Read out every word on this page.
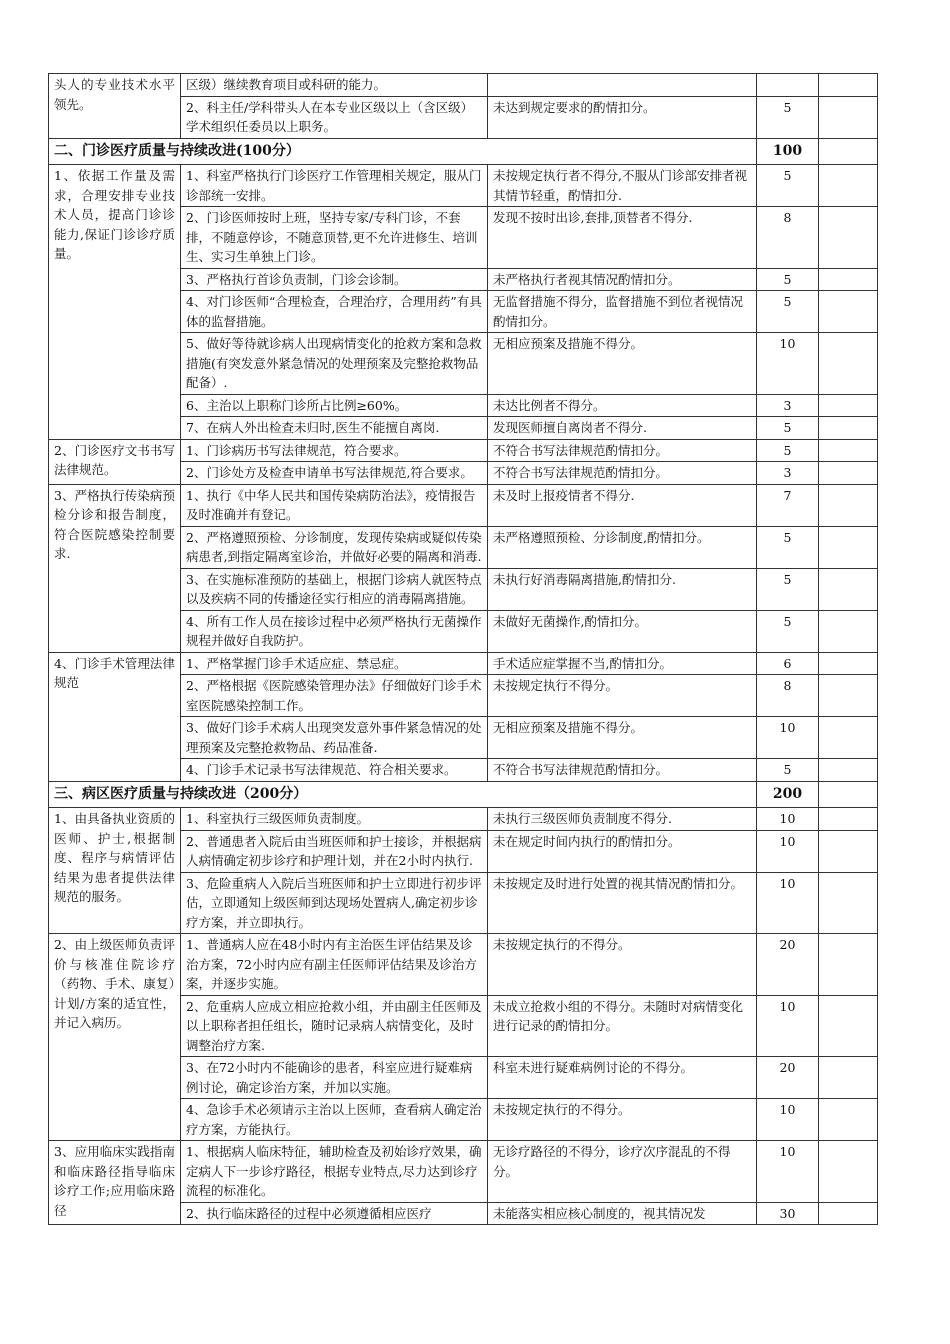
头人的专业技术水平领先。	区级）继续教育项目或科研的能力。			
	2、科主任/学科带头人在本专业区级以上（含区级）学术组织任委员以上职务。	未达到规定要求的酌情扣分。	5	
二、门诊医疗质量与持续改进(100分）			100	
1、依据工作量及需求，合理安排专业技术人员，提高门诊诊能力,保证门诊诊疗质量。	1、科室严格执行门诊医疗工作管理相关规定，服从门诊部统一安排。	未按规定执行者不得分,不服从门诊部安排者视其情节轻重，酌情扣分.	5	
	2、门诊医师按时上班，坚持专家/专科门诊，不套排，不随意停诊，不随意顶替,更不允许进修生、培训生、实习生单独上门诊。	发现不按时出诊,套排,顶替者不得分.	8	
	3、严格执行首诊负责制，门诊会诊制。	未严格执行者视其情况酌情扣分。	5	
	4、对门诊医师“合理检查，合理治疗，合理用药”有具体的监督措施。	无监督措施不得分，监督措施不到位者视情况酌情扣分。	5	
	5、做好等待就诊病人出现病情变化的抢救方案和急救措施(有突发意外紧急情况的处理预案及完整抢救物品配备）.	无相应预案及措施不得分。	10	
	6、主治以上职称门诊所占比例≥60%。	未达比例者不得分。	3	
	7、在病人外出检查未归时,医生不能擅自离岗.	发现医师擅自离岗者不得分.	5	
2、门诊医疗文书书写法律规范。	1、门诊病历书写法律规范，符合要求。	不符合书写法律规范酌情扣分。	5	
	2、门诊处方及检查申请单书写法律规范,符合要求。	不符合书写法律规范酌情扣分。	3	
3、严格执行传染病预检分诊和报告制度，符合医院感染控制要求.	1、执行《中华人民共和国传染病防治法》，疫情报告及时准确并有登记。	未及时上报疫情者不得分.	7	
	2、严格遵照预检、分诊制度，发现传染病或疑似传染病患者,到指定隔离室诊治，并做好必要的隔离和消毒.	未严格遵照预检、分诊制度,酌情扣分。	5	
	3、在实施标准预防的基础上，根据门诊病人就医特点以及疾病不同的传播途径实行相应的消毒隔离措施。	未执行好消毒隔离措施,酌情扣分.	5	
	4、所有工作人员在接诊过程中必须严格执行无菌操作规程并做好自我防护。	未做好无菌操作,酌情扣分。	5	
4、门诊手术管理法律规范	1、严格掌握门诊手术适应症、禁忌症。	手术适应症掌握不当,酌情扣分。	6	
	2、严格根据《医院感染管理办法》仔细做好门诊手术室医院感染控制工作。	未按规定执行不得分。	8	
	3、做好门诊手术病人出现突发意外事件紧急情况的处理预案及完整抢救物品、药品准备.	无相应预案及措施不得分。	10	
	4、门诊手术记录书写法律规范、符合相关要求。	不符合书写法律规范酌情扣分。	5	
三、病区医疗质量与持续改进（200分）			200	
1、由具备执业资质的医师、护士,根据制度、程序与病情评估结果为患者提供法律规范的服务。	1、科室执行三级医师负责制度。	未执行三级医师负责制度不得分.	10	
	2、普通患者入院后由当班医师和护士接诊，并根据病人病情确定初步诊疗和护理计划，并在2小时内执行.	未在规定时间内执行的酌情扣分。	10	
	3、危险重病人入院后当班医师和护士立即进行初步评估，立即通知上级医师到达现场处置病人,确定初步诊疗方案，并立即执行。	未按规定及时进行处置的视其情况酌情扣分。	10	
2、由上级医师负责评价与核准住院诊疗（药物、手术、康复）计划/方案的适宜性，并记入病历。	1、普通病人应在48小时内有主治医生评估结果及诊治方案，72小时内应有副主任医师评估结果及诊治方案，并逐步实施。	未按规定执行的不得分。	20	
	2、危重病人应成立相应抢救小组，并由副主任医师及以上职称者担任组长，随时记录病人病情变化，及时调整治疗方案.	未成立抢救小组的不得分。未随时对病情变化进行记录的酌情扣分。	10	
	3、在72小时内不能确诊的患者，科室应进行疑难病例讨论，确定诊治方案，并加以实施。	科室未进行疑难病例讨论的不得分。	20	
	4、急诊手术必须请示主治以上医师，查看病人确定治疗方案，方能执行。	未按规定执行的不得分。	10	
3、应用临床实践指南和临床路径指导临床诊疗工作;应用临床路径	1、根据病人临床特征，辅助检查及初始诊疗效果，确定病人下一步诊疗路径，根据专业特点,尽力达到诊疗流程的标准化。	无诊疗路径的不得分，诊疗次序混乱的不得分。	10	
	2、执行临床路径的过程中必须遵循相应医疗	未能落实相应核心制度的，视其情况发	30	
